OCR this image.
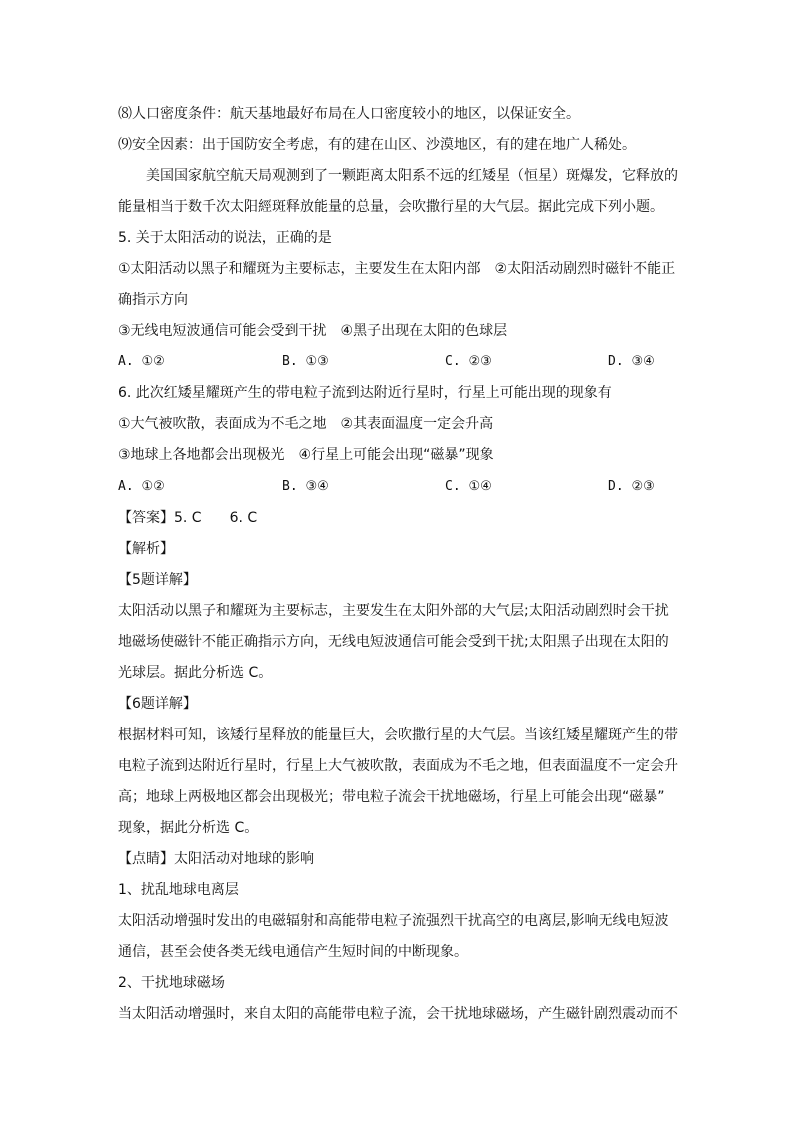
⑻人口密度条件：航天基地最好布局在人口密度较小的地区，以保证安全。
⑼安全因素：出于国防安全考虑，有的建在山区、沙漠地区，有的建在地广人稀处。
美国国家航空航天局观测到了一颗距离太阳系不远的红矮星（恒星）斑爆发，它释放的
能量相当于数千次太阳經斑释放能量的总量，会吹撒行星的大气层。据此完成下列小题。
5. 关于太阳活动的说法，正确的是
①太阳活动以黑子和耀斑为主要标志，主要发生在太阳内部　②太阳活动剧烈时磁针不能正
确指示方向
③无线电短波通信可能会受到干扰　④黑子出现在太阳的色球层
A. ①②	B. ①③	C. ②③	D. ③④
6. 此次红矮星耀斑产生的带电粒子流到达附近行星时，行星上可能出现的现象有
①大气被吹散，表面成为不毛之地　②其表面温度一定会升高
③地球上各地都会出现极光　④行星上可能会出现“磁暴”现象
A. ①②	B. ③④	C. ①④	D. ②③
【答案】5. C　　6. C
【解析】
【5题详解】
太阳活动以黑子和耀斑为主要标志，主要发生在太阳外部的大气层;太阳活动剧烈时会干扰
地磁场使磁针不能正确指示方向，无线电短波通信可能会受到干扰;太阳黑子出现在太阳的
光球层。据此分析选 C。
【6题详解】
根据材料可知，该矮行星释放的能量巨大，会吹撒行星的大气层。当该红矮星耀斑产生的带
电粒子流到达附近行星时，行星上大气被吹散，表面成为不毛之地，但表面温度不一定会升
高；地球上两极地区都会出现极光；带电粒子流会干扰地磁场，行星上可能会出现“磁暴”
现象，据此分析选 C。
【点睛】太阳活动对地球的影响
1、扰乱地球电离层
太阳活动增强时发出的电磁辐射和高能带电粒子流强烈干扰高空的电离层,影响无线电短波
通信，甚至会使各类无线电通信产生短时间的中断现象。
2、干扰地球磁场
当太阳活动增强时，来自太阳的高能带电粒子流，会干扰地球磁场，产生磁针剧烈震动而不
